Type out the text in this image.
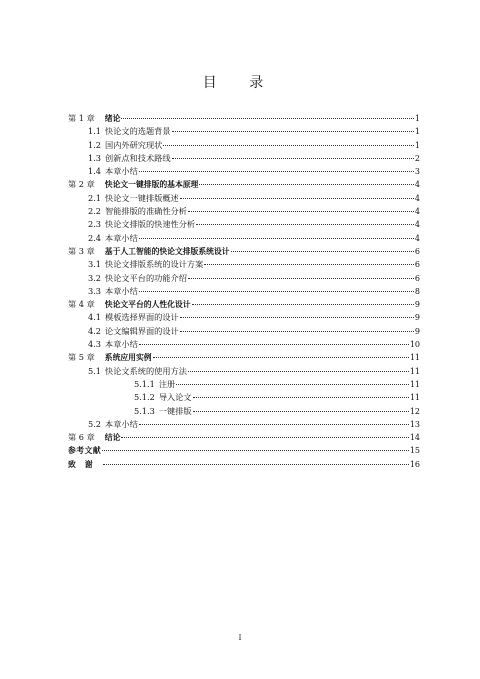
目 录
第 1 章 绪论	1
1.1 快论文的选题背景	1
1.2 国内外研究现状	1
1.3 创新点和技术路线	2
1.4 本章小结	3
第 2 章 快论文一键排版的基本原理	4
2.1 快论文一键排版概述	4
2.2 智能排版的准确性分析	4
2.3 快论文排版的快速性分析	4
2.4 本章小结	4
第 3 章 基于人工智能的快论文排版系统设计	6
3.1 快论文排版系统的设计方案	6
3.2 快论文平台的功能介绍	6
3.3 本章小结	8
第 4 章 快论文平台的人性化设计	9
4.1 模板选择界面的设计	9
4.2 论文编辑界面的设计	9
4.3 本章小结	10
第 5 章 系统应用实例	11
5.1 快论文系统的使用方法	11
5.1.1 注册	11
5.1.2 导入论文	11
5.1.3 一键排版	12
5.2 本章小结	13
第 6 章 结论	14
参考文献	15
致谢	16
I
